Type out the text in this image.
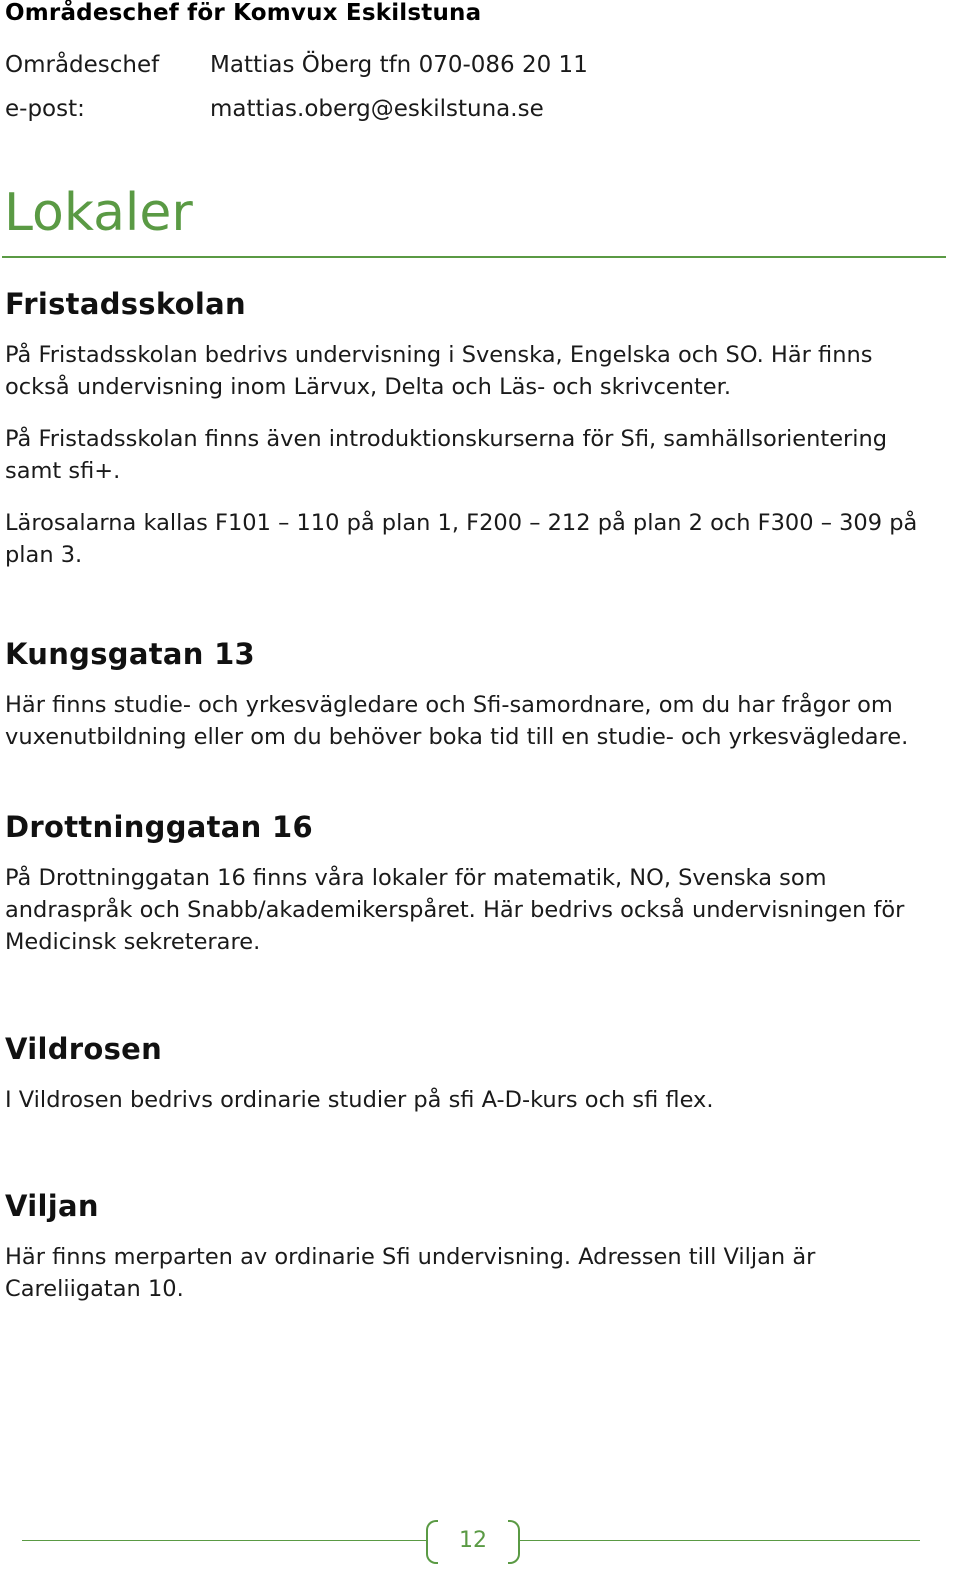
Områdeschef för Komvux Eskilstuna
Områdeschef Mattias Öberg tfn 070-086 20 11
e-post:	mattias.oberg@eskilstuna.se
Lokaler
Fristadsskolan

På Fristadsskolan bedrivs undervisning i Svenska, Engelska och SO. Här finns också undervisning inom Lärvux, Delta och Läs- och skrivcenter.

På Fristadsskolan finns även introduktionskurserna för Sfi, samhällsorientering samt sfi+.

Lärosalarna kallas F101 – 110 på plan 1, F200 – 212 på plan 2 och F300 – 309 på plan 3.

Kungsgatan 13

Här finns studie- och yrkesvägledare och Sfi-samordnare, om du har frågor om vuxenutbildning eller om du behöver boka tid till en studie- och yrkesvägledare.

Drottninggatan 16

På Drottninggatan 16 finns våra lokaler för matematik, NO, Svenska som andraspråk och Snabb/akademikerspåret. Här bedrivs också undervisningen för Medicinsk sekreterare.

Vildrosen

I Vildrosen bedrivs ordinarie studier på sfi A-D-kurs och sfi flex.

Viljan

Här finns merparten av ordinarie Sfi undervisning. Adressen till Viljan är Careliigatan 10.

12
